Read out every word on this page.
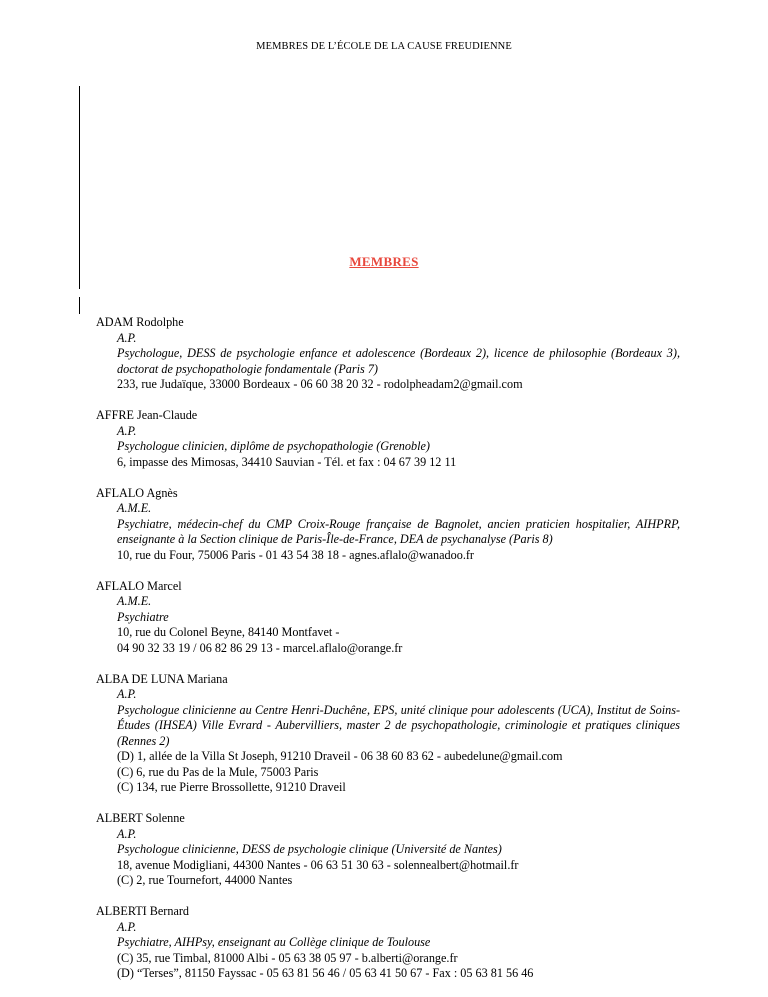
MEMBRES DE L’ÉCOLE DE LA CAUSE FREUDIENNE
MEMBRES
ADAM Rodolphe
A.P.
Psychologue, DESS de psychologie enfance et adolescence (Bordeaux 2), licence de philosophie (Bordeaux 3), doctorat de psychopathologie fondamentale (Paris 7)
233, rue Judaïque, 33000 Bordeaux - 06 60 38 20 32 - rodolpheadam2@gmail.com
AFFRE Jean-Claude
A.P.
Psychologue clinicien, diplôme de psychopathologie (Grenoble)
6, impasse des Mimosas, 34410 Sauvian - Tél. et fax : 04 67 39 12 11
AFLALO Agnès
A.M.E.
Psychiatre, médecin-chef du CMP Croix-Rouge française de Bagnolet, ancien praticien hospitalier, AIHPRP, enseignante à la Section clinique de Paris-Île-de-France, DEA de psychanalyse (Paris 8)
10, rue du Four, 75006 Paris - 01 43 54 38 18 - agnes.aflalo@wanadoo.fr
AFLALO Marcel
A.M.E.
Psychiatre
10, rue du Colonel Beyne, 84140 Montfavet -
04 90 32 33 19 / 06 82 86 29 13 - marcel.aflalo@orange.fr
ALBA DE LUNA Mariana
A.P.
Psychologue clinicienne au Centre Henri-Duchêne, EPS, unité clinique pour adolescents (UCA), Institut de Soins-Études (IHSEA) Ville Evrard - Aubervilliers, master 2 de psychopathologie, criminologie et pratiques cliniques (Rennes 2)
(D) 1, allée de la Villa St Joseph, 91210 Draveil - 06 38 60 83 62 - aubedelune@gmail.com
(C) 6, rue du Pas de la Mule, 75003 Paris
(C) 134, rue Pierre Brossollette, 91210 Draveil
ALBERT Solenne
A.P.
Psychologue clinicienne, DESS de psychologie clinique (Université de Nantes)
18, avenue Modigliani, 44300 Nantes - 06 63 51 30 63 - solennealbert@hotmail.fr
(C) 2, rue Tournefort, 44000 Nantes
ALBERTI Bernard
A.P.
Psychiatre, AIHPsy, enseignant au Collège clinique de Toulouse
(C) 35, rue Timbal, 81000 Albi - 05 63 38 05 97 - b.alberti@orange.fr
(D) “Terses”, 81150 Fayssac - 05 63 81 56 46 / 05 63 41 50 67 - Fax : 05 63 81 56 46
